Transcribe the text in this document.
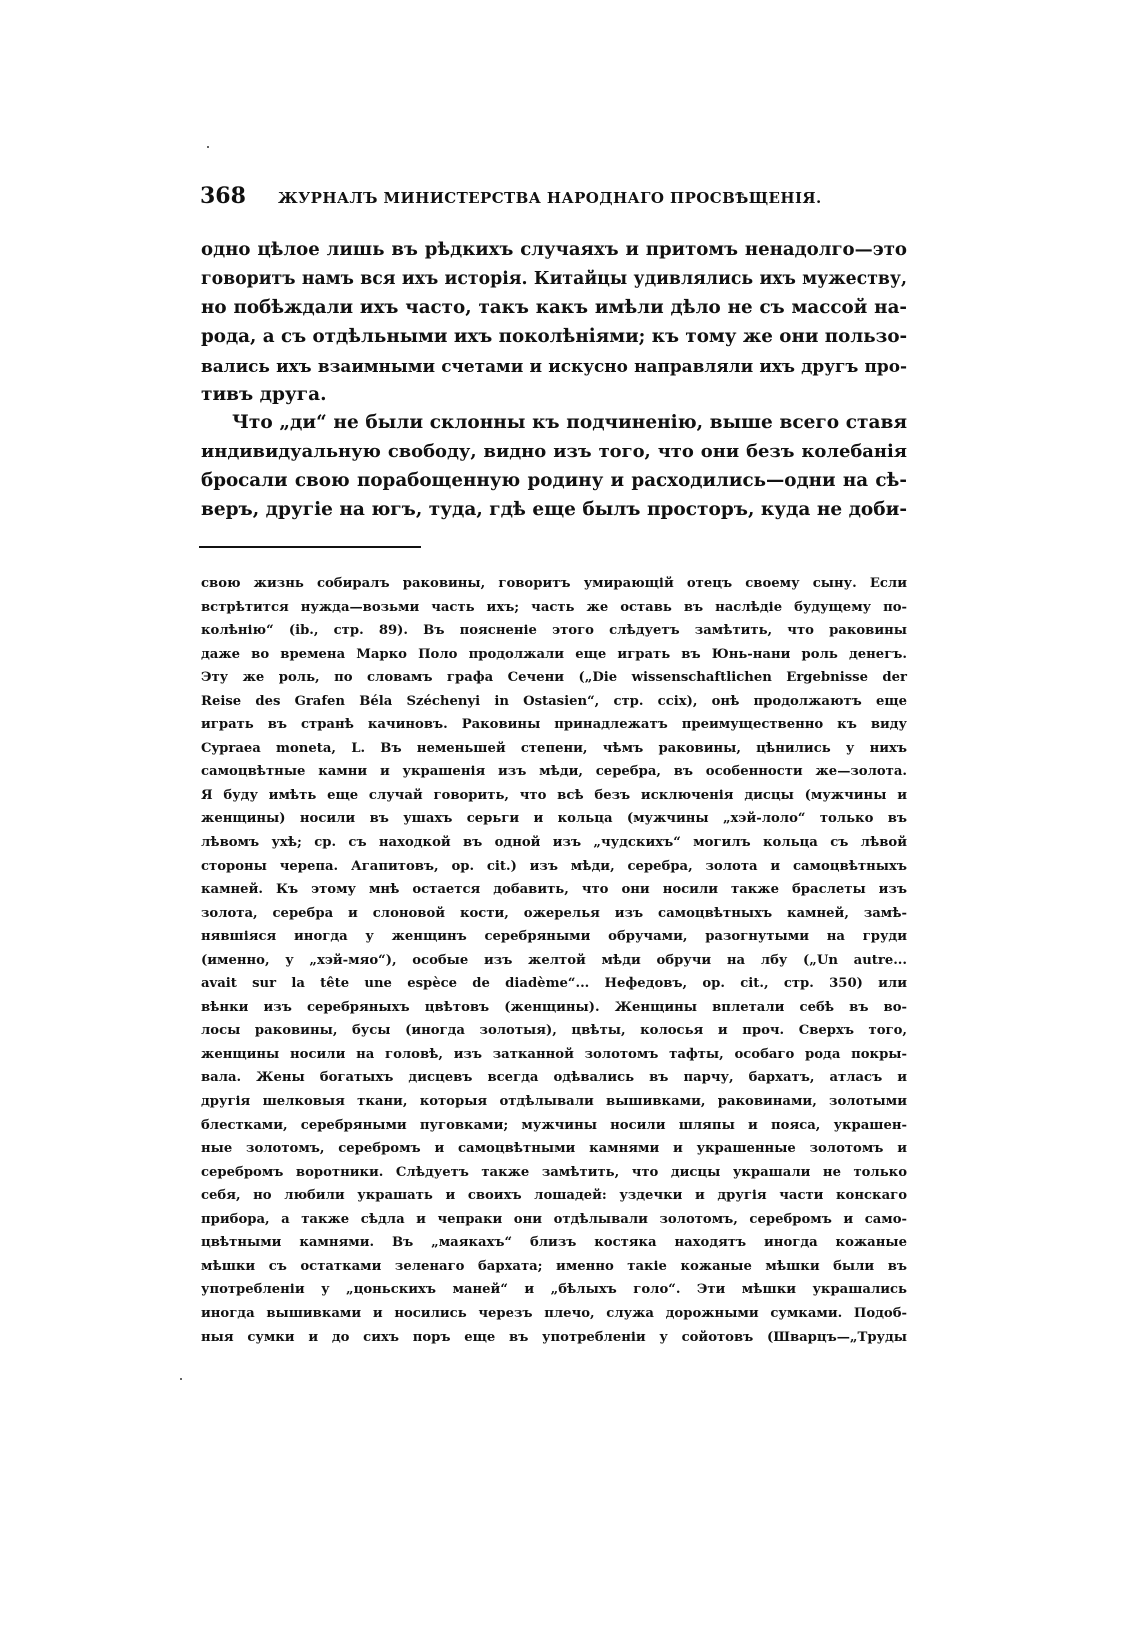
368	ЖУРНАЛЪ МИНИСТЕРСТВА НАРОДНАГО ПРОСВѢЩЕНІЯ.
одно цѣлое лишь въ рѣдкихъ случаяхъ и притомъ ненадолго—это
говоритъ намъ вся ихъ исторія. Китайцы удивлялись ихъ мужеству,
но побѣждали ихъ часто, такъ какъ имѣли дѣло не съ массой на-
рода, а съ отдѣльными ихъ поколѣніями; къ тому же они пользо-
вались ихъ взаимными счетами и искусно направляли ихъ другъ про-
тивъ друга.
Что „ди“ не были склонны къ подчиненію, выше всего ставя
индивидуальную свободу, видно изъ того, что они безъ колебанія
бросали свою порабощенную родину и расходились—одни на сѣ-
веръ, другіе на югъ, туда, гдѣ еще былъ просторъ, куда не доби-
свою жизнь собиралъ раковины, говоритъ умирающій отецъ своему сыну. Если
встрѣтится нужда—возьми часть ихъ; часть же оставь въ наслѣдіе будущему по-
колѣнію“ (ib., стр. 89). Въ поясненіе этого слѣдуетъ замѣтить, что раковины
даже во времена Марко Поло продолжали еще играть въ Юнь-нани роль денегъ.
Эту же роль, по словамъ графа Сечени („Die wissenschaftlichen Ergebnisse der
Reise des Grafen Béla Széchenyi in Ostasien“, стр. ccix), онѣ продолжаютъ еще
играть въ странѣ качиновъ. Раковины принадлежатъ преимущественно къ виду
Cypraea moneta, L. Въ неменьшей степени, чѣмъ раковины, цѣнились у нихъ
самоцвѣтные камни и украшенія изъ мѣди, серебра, въ особенности же—золота.
Я буду имѣть еще случай говорить, что всѣ безъ исключенія дисцы (мужчины и
женщины) носили въ ушахъ серьги и кольца (мужчины „хэй-лоло“ только въ
лѣвомъ ухѣ; ср. съ находкой въ одной изъ „чудскихъ“ могилъ кольца съ лѣвой
стороны черепа. Агапитовъ, op. cit.) изъ мѣди, серебра, золота и самоцвѣтныхъ
камней. Къ этому мнѣ остается добавить, что они носили также браслеты изъ
золота, серебра и слоновой кости, ожерелья изъ самоцвѣтныхъ камней, замѣ-
нявшіяся иногда у женщинъ серебряными обручами, разогнутыми на груди
(именно, у „хэй-мяо“), особые изъ желтой мѣди обручи на лбу („Un autre...
avait sur la tête une espèce de diadème“... Нефедовъ, op. cit., стр. 350) или
вѣнки изъ серебряныхъ цвѣтовъ (женщины). Женщины вплетали себѣ въ во-
лосы раковины, бусы (иногда золотыя), цвѣты, колосья и проч. Сверхъ того,
женщины носили на головѣ, изъ затканной золотомъ тафты, особаго рода покры-
вала. Жены богатыхъ дисцевъ всегда одѣвались въ парчу, бархатъ, атласъ и
другія шелковыя ткани, которыя отдѣлывали вышивками, раковинами, золотыми
блестками, серебряными пуговками; мужчины носили шляпы и пояса, украшен-
ные золотомъ, серебромъ и самоцвѣтными камнями и украшенные золотомъ и
серебромъ воротники. Слѣдуетъ также замѣтить, что дисцы украшали не только
себя, но любили украшать и своихъ лошадей: уздечки и другія части конскаго
прибора, а также сѣдла и чепраки они отдѣлывали золотомъ, серебромъ и само-
цвѣтными камнями. Въ „маякахъ“ близъ костяка находятъ иногда кожаные
мѣшки съ остатками зеленаго бархата; именно такіе кожаные мѣшки были въ
употребленіи у „цоньскихъ маней“ и „бѣлыхъ голо“. Эти мѣшки украшались
иногда вышивками и носились черезъ плечо, служа дорожными сумками. Подоб-
ныя сумки и до сихъ поръ еще въ употребленіи у сойотовъ (Шварцъ—„Труды
